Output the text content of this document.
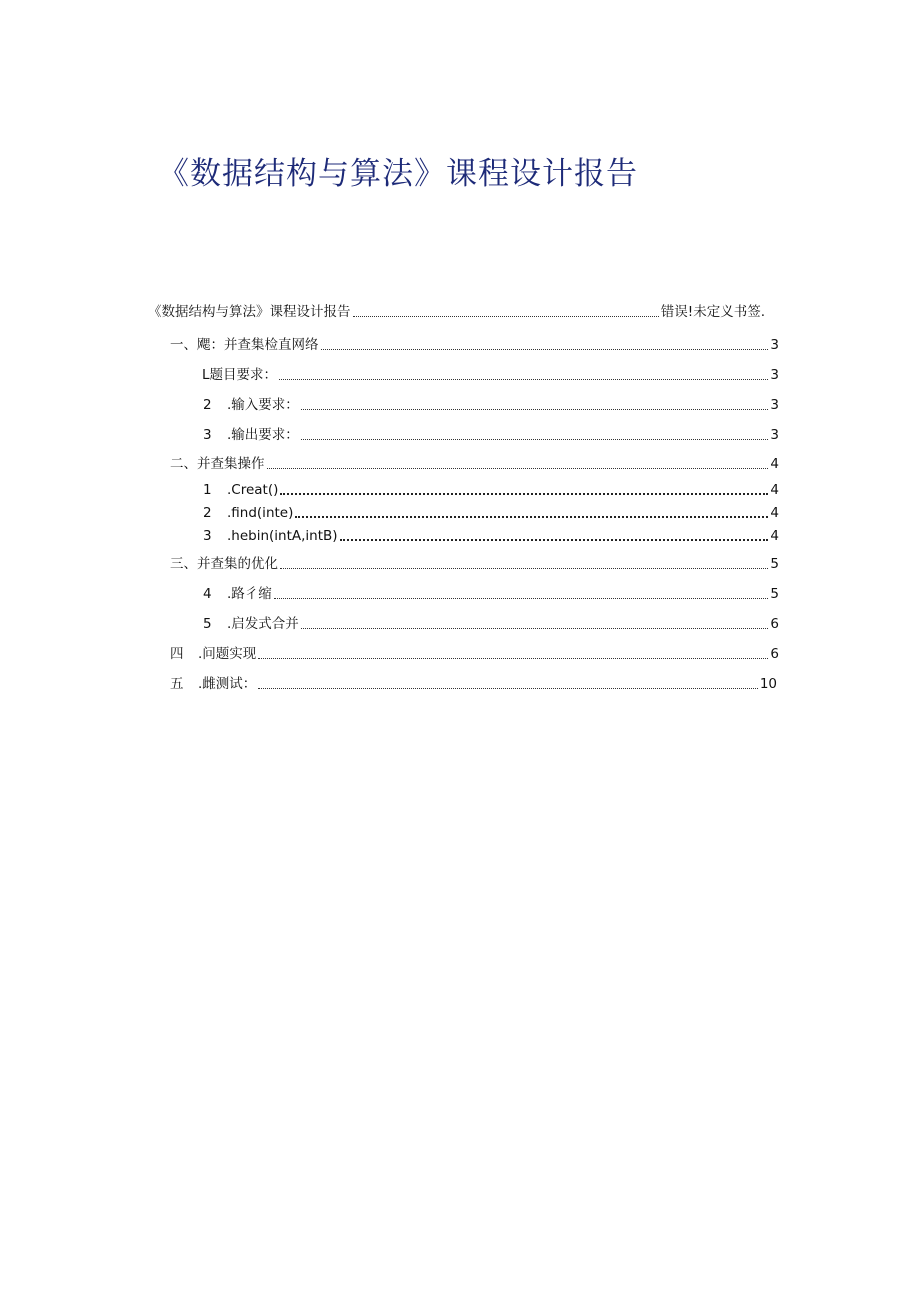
《数据结构与算法》课程设计报告
《数据结构与算法》课程设计报告	错误!未定义书签.
一、飔：并查集检直网络	3
L题目要求：	3
2	.输入要求：	3
3	.输出要求：	3
二、并查集操作	4
1	.Creat()	4
2	.find(inte)	4
3	.hebin(intA,intB)	4
三、并查集的优化	5
4	.路彳缩	5
5	.启发式合并	6
四	.问题实现	6
五	.雌测试：	10
